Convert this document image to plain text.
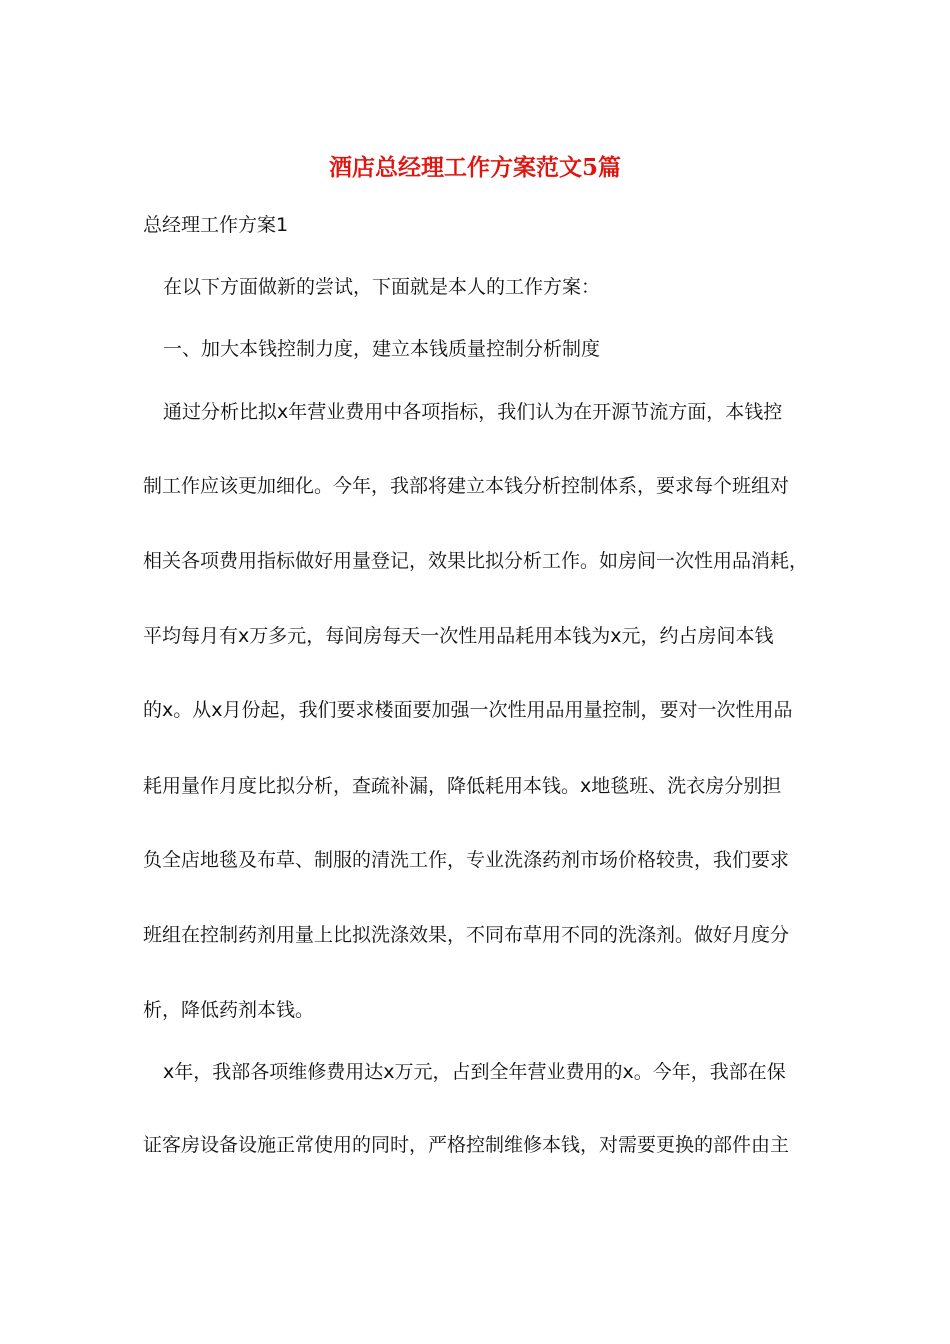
酒店总经理工作方案范文5篇
总经理工作方案1
在以下方面做新的尝试，下面就是本人的工作方案：
一、加大本钱控制力度，建立本钱质量控制分析制度
通过分析比拟x年营业费用中各项指标，我们认为在开源节流方面，本钱控
制工作应该更加细化。今年，我部将建立本钱分析控制体系，要求每个班组对
相关各项费用指标做好用量登记，效果比拟分析工作。如房间一次性用品消耗，
平均每月有x万多元，每间房每天一次性用品耗用本钱为x元，约占房间本钱
的x。从x月份起，我们要求楼面要加强一次性用品用量控制，要对一次性用品
耗用量作月度比拟分析，查疏补漏，降低耗用本钱。x地毯班、洗衣房分别担
负全店地毯及布草、制服的清洗工作，专业洗涤药剂市场价格较贵，我们要求
班组在控制药剂用量上比拟洗涤效果，不同布草用不同的洗涤剂。做好月度分
析，降低药剂本钱。
x年，我部各项维修费用达x万元，占到全年营业费用的x。今年，我部在保
证客房设备设施正常使用的同时，严格控制维修本钱，对需要更换的部件由主
